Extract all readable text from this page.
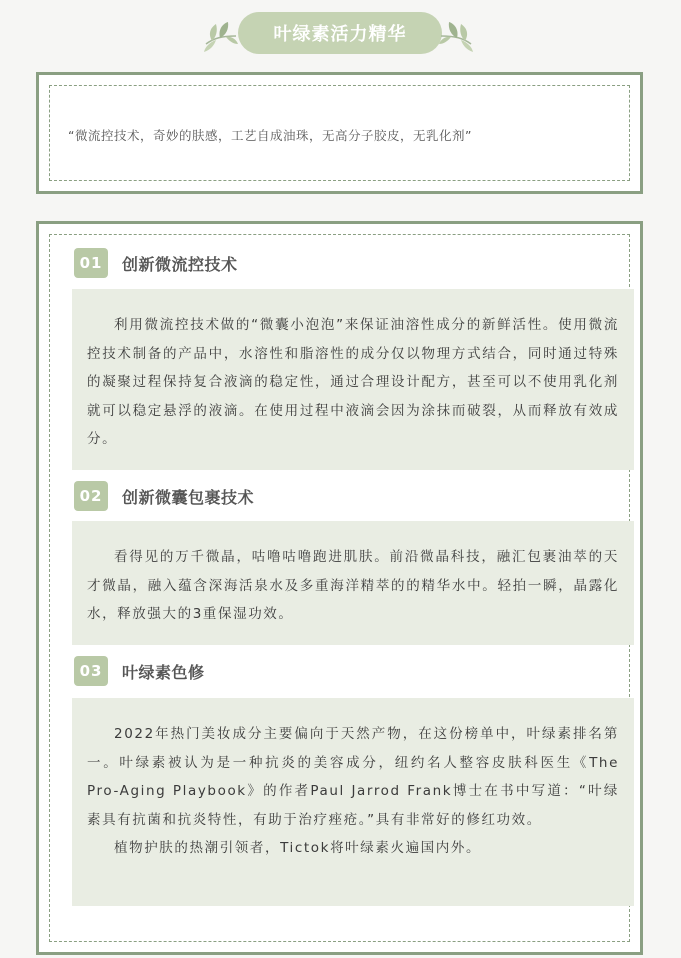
叶绿素活力精华
“微流控技术，奇妙的肤感，工艺自成油珠，无高分子胶皮，无乳化剂”
01	创新微流控技术

利用微流控技术做的“微囊小泡泡”来保证油溶性成分的新鲜活性。使用微流控技术制备的产品中，水溶性和脂溶性的成分仅以物理方式结合，同时通过特殊的凝聚过程保持复合液滴的稳定性，通过合理设计配方，甚至可以不使用乳化剂就可以稳定悬浮的液滴。在使用过程中液滴会因为涂抹而破裂，从而释放有效成分。

02	创新微囊包裹技术

看得见的万千微晶，咕噜咕噜跑进肌肤。前沿微晶科技，融汇包裹油萃的天才微晶，融入蕴含深海活泉水及多重海洋精萃的的精华水中。轻拍一瞬，晶露化水，释放强大的3重保湿功效。

03	叶绿素色修

2022年热门美妆成分主要偏向于天然产物，在这份榜单中，叶绿素排名第一。叶绿素被认为是一种抗炎的美容成分，纽约名人整容皮肤科医生《The Pro-Aging Playbook》的作者Paul Jarrod Frank博士在书中写道：“叶绿素具有抗菌和抗炎特性，有助于治疗痤疮。”具有非常好的修红功效。

植物护肤的热潮引领者，Tictok将叶绿素火遍国内外。
